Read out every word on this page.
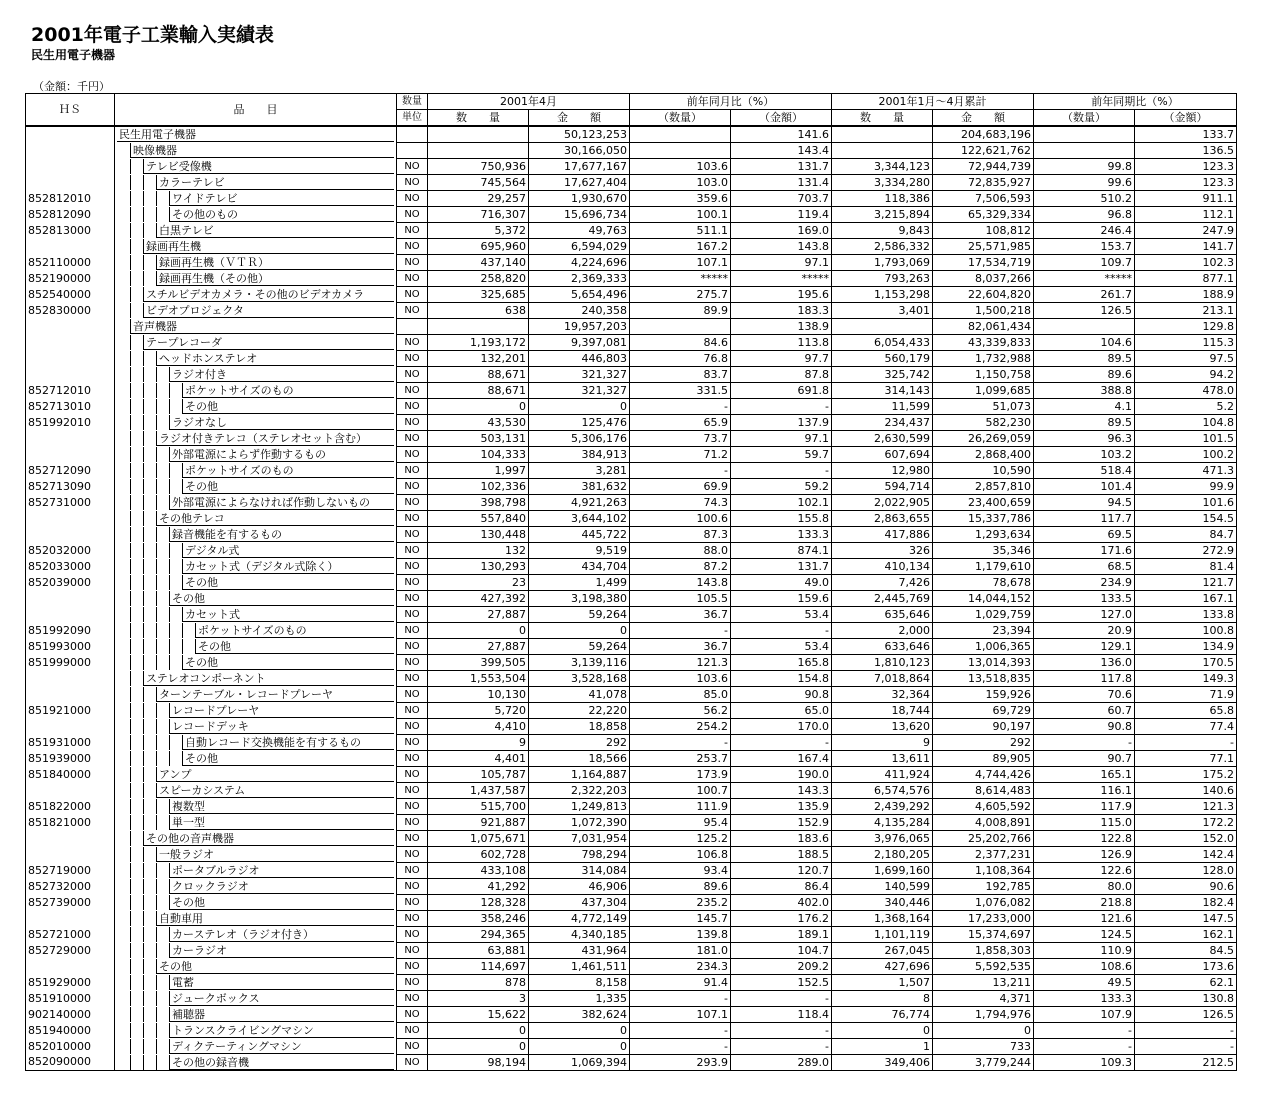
2001年電子工業輸入実績表
民生用電子機器
（金額：千円）
ＨＳ	品　　目	数量	2001年4月		前年同月比（%）		2001年1月～4月累計		前年同期比（%）	
		単位	数　　量	金　　額	（数量）	（金額）	数　　量	金　　額	（数量）	（金額）

	民生用電子機器			50,123,253		141.6		204,683,196		133.7

	映像機器			30,166,050		143.4		122,621,762		136.5

	テレビ受像機	NO	750,936	17,677,167	103.6	131.7	3,344,123	72,944,739	99.8	123.3

	カラーテレビ	NO	745,564	17,627,404	103.0	131.4	3,334,280	72,835,927	99.6	123.3
852812010	ワイドテレビ	NO	29,257	1,930,670	359.6	703.7	118,386	7,506,593	510.2	911.1
852812090	その他のもの	NO	716,307	15,696,734	100.1	119.4	3,215,894	65,329,334	96.8	112.1
852813000	白黒テレビ	NO	5,372	49,763	511.1	169.0	9,843	108,812	246.4	247.9

	録画再生機	NO	695,960	6,594,029	167.2	143.8	2,586,332	25,571,985	153.7	141.7
852110000	録画再生機（ＶＴＲ）	NO	437,140	4,224,696	107.1	97.1	1,793,069	17,534,719	109.7	102.3
852190000	録画再生機（その他）	NO	258,820	2,369,333	*****	*****	793,263	8,037,266	*****	877.1
852540000	スチルビデオカメラ・その他のビデオカメラ	NO	325,685	5,654,496	275.7	195.6	1,153,298	22,604,820	261.7	188.9
852830000	ビデオプロジェクタ	NO	638	240,358	89.9	183.3	3,401	1,500,218	126.5	213.1

	音声機器			19,957,203		138.9		82,061,434		129.8

	テープレコーダ	NO	1,193,172	9,397,081	84.6	113.8	6,054,433	43,339,833	104.6	115.3

	ヘッドホンステレオ	NO	132,201	446,803	76.8	97.7	560,179	1,732,988	89.5	97.5

	ラジオ付き	NO	88,671	321,327	83.7	87.8	325,742	1,150,758	89.6	94.2
852712010	ポケットサイズのもの	NO	88,671	321,327	331.5	691.8	314,143	1,099,685	388.8	478.0
852713010	その他	NO	0	0	-	-	11,599	51,073	4.1	5.2
851992010	ラジオなし	NO	43,530	125,476	65.9	137.9	234,437	582,230	89.5	104.8

	ラジオ付きテレコ（ステレオセット含む）	NO	503,131	5,306,176	73.7	97.1	2,630,599	26,269,059	96.3	101.5

	外部電源によらず作動するもの	NO	104,333	384,913	71.2	59.7	607,694	2,868,400	103.2	100.2
852712090	ポケットサイズのもの	NO	1,997	3,281	-	-	12,980	10,590	518.4	471.3
852713090	その他	NO	102,336	381,632	69.9	59.2	594,714	2,857,810	101.4	99.9
852731000	外部電源によらなければ作動しないもの	NO	398,798	4,921,263	74.3	102.1	2,022,905	23,400,659	94.5	101.6

	その他テレコ	NO	557,840	3,644,102	100.6	155.8	2,863,655	15,337,786	117.7	154.5

	録音機能を有するもの	NO	130,448	445,722	87.3	133.3	417,886	1,293,634	69.5	84.7
852032000	デジタル式	NO	132	9,519	88.0	874.1	326	35,346	171.6	272.9
852033000	カセット式（デジタル式除く）	NO	130,293	434,704	87.2	131.7	410,134	1,179,610	68.5	81.4
852039000	その他	NO	23	1,499	143.8	49.0	7,426	78,678	234.9	121.7

	その他	NO	427,392	3,198,380	105.5	159.6	2,445,769	14,044,152	133.5	167.1

	カセット式	NO	27,887	59,264	36.7	53.4	635,646	1,029,759	127.0	133.8
851992090	ポケットサイズのもの	NO	0	0	-	-	2,000	23,394	20.9	100.8
851993000	その他	NO	27,887	59,264	36.7	53.4	633,646	1,006,365	129.1	134.9
851999000	その他	NO	399,505	3,139,116	121.3	165.8	1,810,123	13,014,393	136.0	170.5

	ステレオコンポーネント	NO	1,553,504	3,528,168	103.6	154.8	7,018,864	13,518,835	117.8	149.3

	ターンテーブル・レコードプレーヤ	NO	10,130	41,078	85.0	90.8	32,364	159,926	70.6	71.9
851921000	レコードプレーヤ	NO	5,720	22,220	56.2	65.0	18,744	69,729	60.7	65.8

	レコードデッキ	NO	4,410	18,858	254.2	170.0	13,620	90,197	90.8	77.4
851931000	自動レコード交換機能を有するもの	NO	9	292	-	-	9	292	-	-
851939000	その他	NO	4,401	18,566	253.7	167.4	13,611	89,905	90.7	77.1
851840000	アンプ	NO	105,787	1,164,887	173.9	190.0	411,924	4,744,426	165.1	175.2

	スピーカシステム	NO	1,437,587	2,322,203	100.7	143.3	6,574,576	8,614,483	116.1	140.6
851822000	複数型	NO	515,700	1,249,813	111.9	135.9	2,439,292	4,605,592	117.9	121.3
851821000	単一型	NO	921,887	1,072,390	95.4	152.9	4,135,284	4,008,891	115.0	172.2

	その他の音声機器	NO	1,075,671	7,031,954	125.2	183.6	3,976,065	25,202,766	122.8	152.0

	一般ラジオ	NO	602,728	798,294	106.8	188.5	2,180,205	2,377,231	126.9	142.4
852719000	ポータブルラジオ	NO	433,108	314,084	93.4	120.7	1,699,160	1,108,364	122.6	128.0
852732000	クロックラジオ	NO	41,292	46,906	89.6	86.4	140,599	192,785	80.0	90.6
852739000	その他	NO	128,328	437,304	235.2	402.0	340,446	1,076,082	218.8	182.4

	自動車用	NO	358,246	4,772,149	145.7	176.2	1,368,164	17,233,000	121.6	147.5
852721000	カーステレオ（ラジオ付き）	NO	294,365	4,340,185	139.8	189.1	1,101,119	15,374,697	124.5	162.1
852729000	カーラジオ	NO	63,881	431,964	181.0	104.7	267,045	1,858,303	110.9	84.5

	その他	NO	114,697	1,461,511	234.3	209.2	427,696	5,592,535	108.6	173.6
851929000	電蓄	NO	878	8,158	91.4	152.5	1,507	13,211	49.5	62.1
851910000	ジュークボックス	NO	3	1,335	-	-	8	4,371	133.3	130.8
902140000	補聴器	NO	15,622	382,624	107.1	118.4	76,774	1,794,976	107.9	126.5
851940000	トランスクライビングマシン	NO	0	0	-	-	0	0	-	-
852010000	ディクテーティングマシン	NO	0	0	-	-	1	733	-	-
852090000	その他の録音機	NO	98,194	1,069,394	293.9	289.0	349,406	3,779,244	109.3	212.5
